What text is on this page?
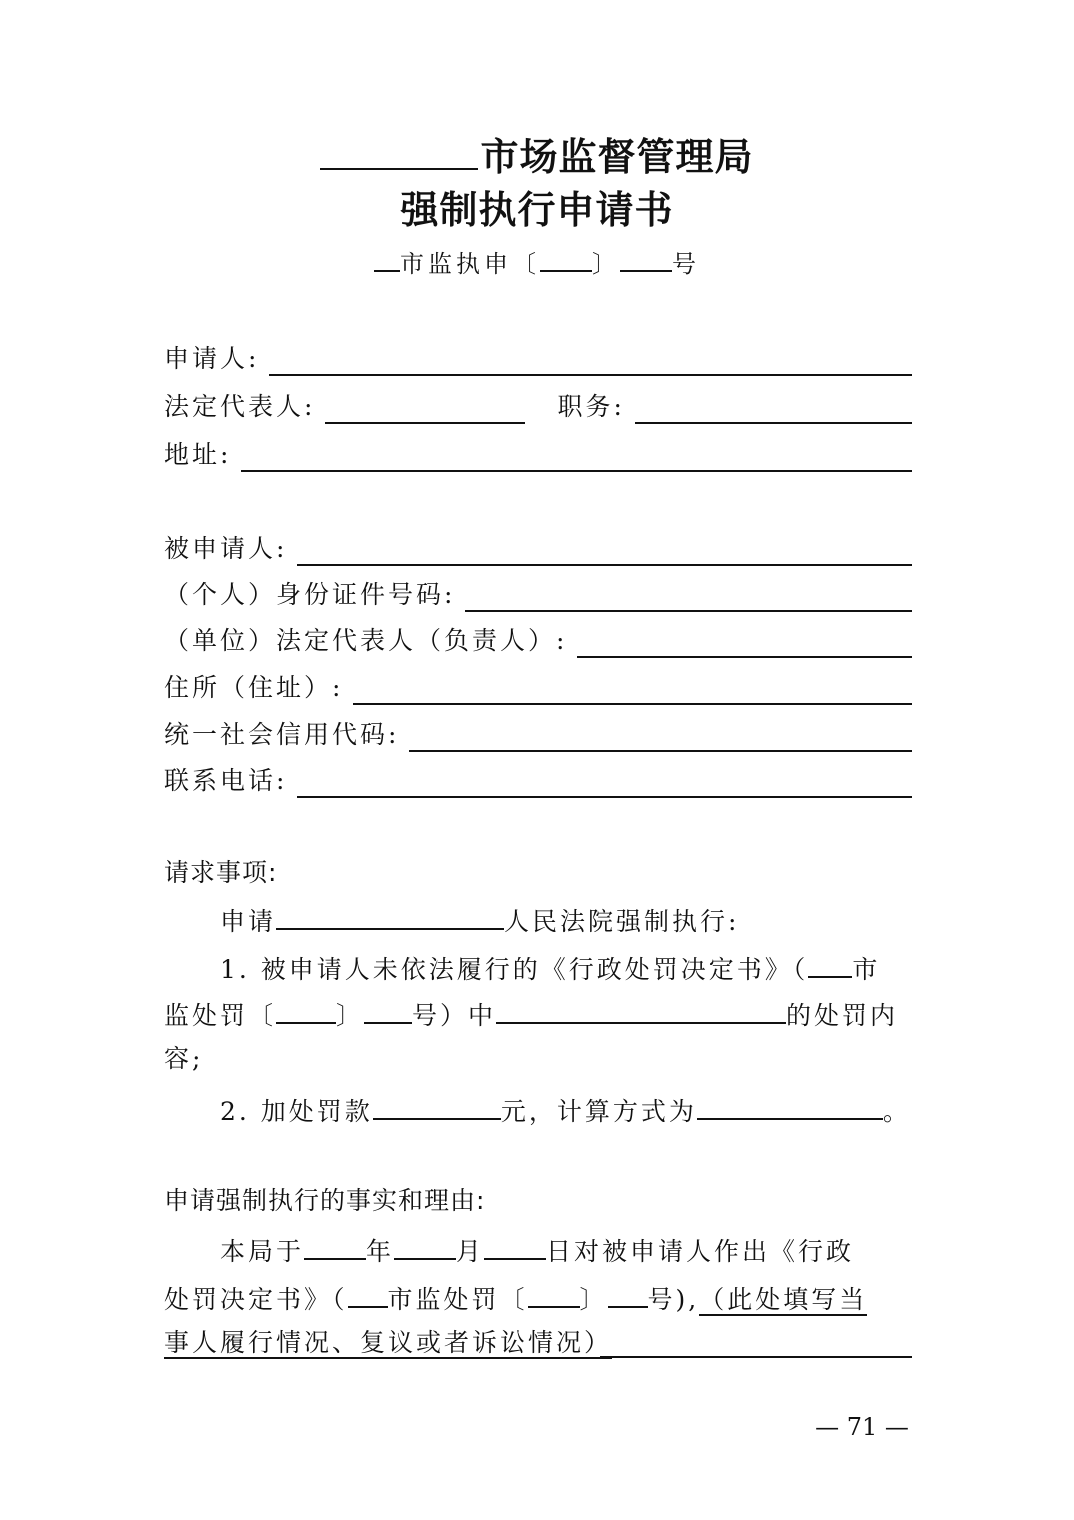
市场监督管理局
强制执行申请书
市监执申〔 〕 号
申请人:
法定代表人:	职务:
地址:
被申请人:
（个人）身份证件号码:
（单位）法定代表人（负责人）:
住所（住址）:
统一社会信用代码:
联系电话:
请求事项:
申请	人民法院强制执行:
1. 被申请人未依法履行的《行政处罚决定书》（ 市
监处罚〔 〕 号）中	的处罚内
容;
2. 加处罚款	元，计算方式为	。
申请强制执行的事实和理由:
本局于 年 月 日对被申请人作出《行政
处罚决定书》（ 市监处罚〔 〕 号),（此处填写当
事人履行情况、复议或者诉讼情况）
— 71 —
